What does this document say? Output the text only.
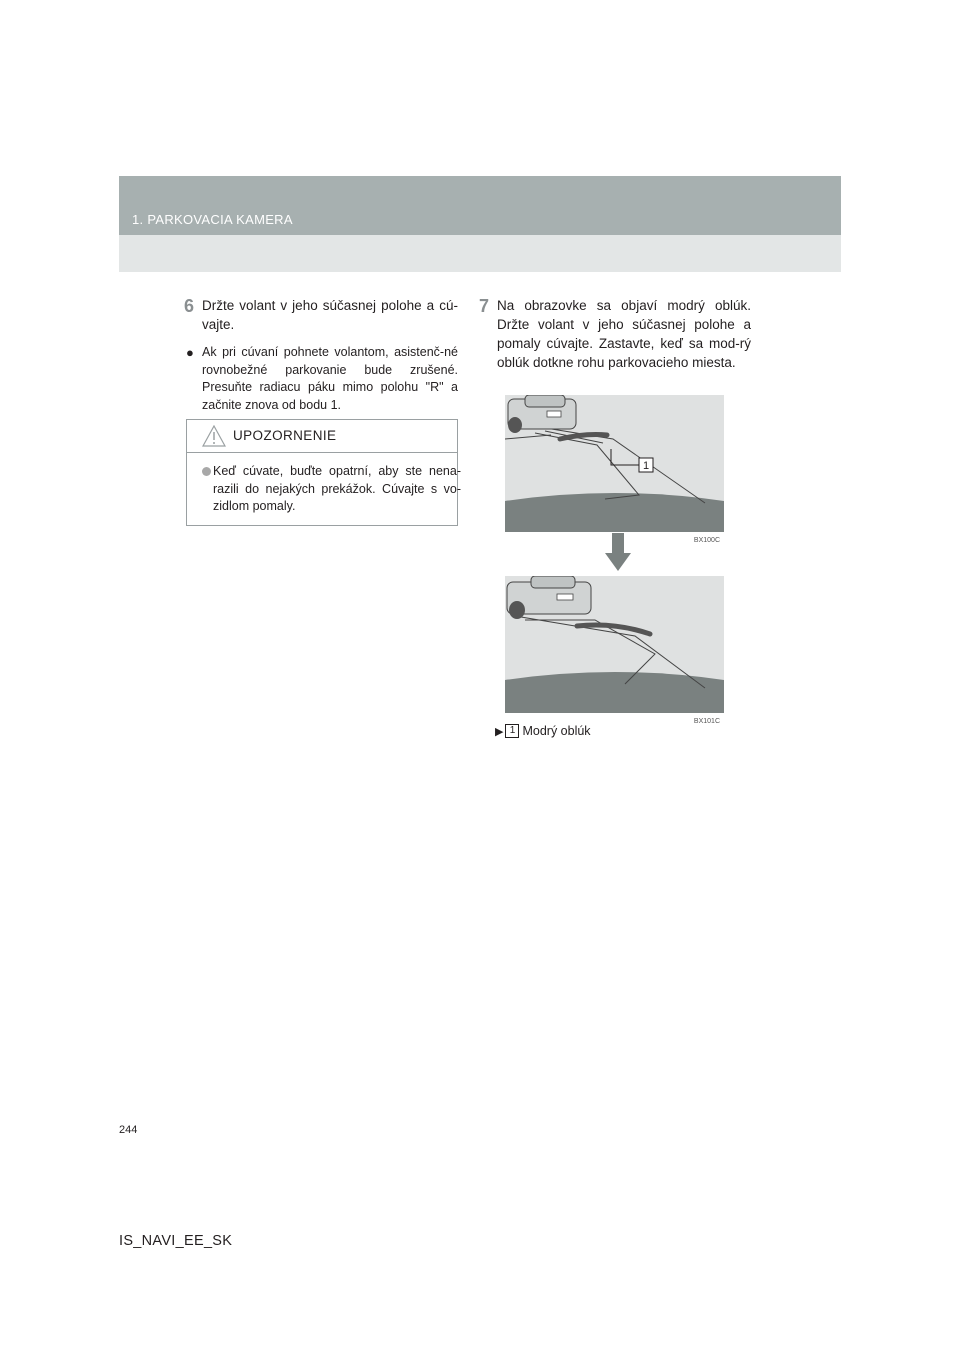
1. PARKOVACIA KAMERA
6 Držte volant v jeho súčasnej polohe a cú-vajte.
● Ak pri cúvaní pohnete volantom, asistenč-né rovnobežné parkovanie bude zrušené. Presuňte radiacu páku mimo polohu "R" a začnite znova od bodu 1.
UPOZORNENIE
Keď cúvate, buďte opatrní, aby ste nena-razili do nejakých prekážok. Cúvajte s vo-zidlom pomaly.
7 Na obrazovke sa objaví modrý oblúk. Držte volant v jeho súčasnej polohe a pomaly cúvajte. Zastavte, keď sa mod-rý oblúk dotkne rohu parkovacieho miesta.
1
BX100C
BX101C
▶ 1 Modrý oblúk
244
IS_NAVI_EE_SK
